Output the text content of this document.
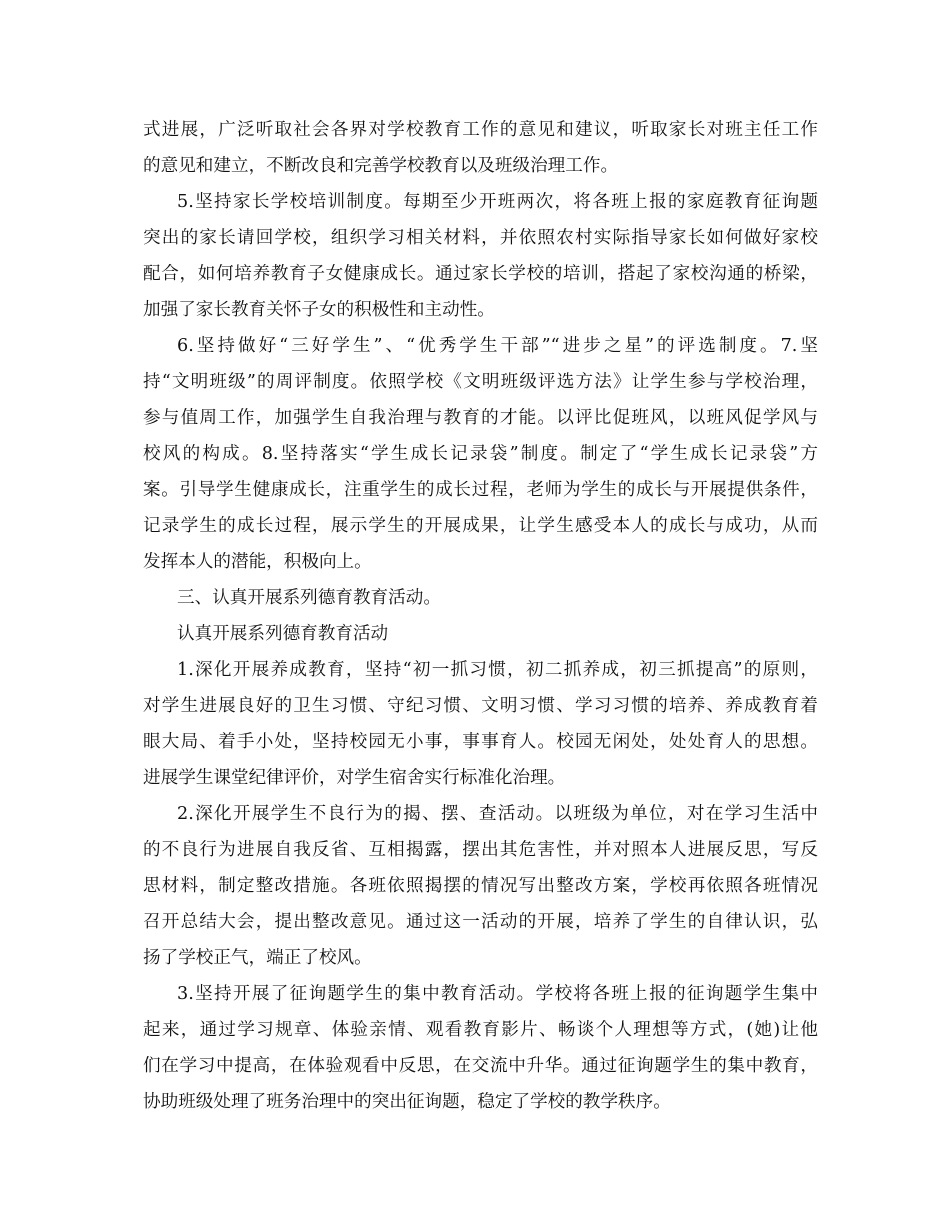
式进展，广泛听取社会各界对学校教育工作的意见和建议，听取家长对班主任工作
的意见和建立，不断改良和完善学校教育以及班级治理工作。
5.坚持家长学校培训制度。每期至少开班两次，将各班上报的家庭教育征询题
突出的家长请回学校，组织学习相关材料，并依照农村实际指导家长如何做好家校
配合，如何培养教育子女健康成长。通过家长学校的培训，搭起了家校沟通的桥梁，
加强了家长教育关怀子女的积极性和主动性。
6.坚持做好“三好学生”、“优秀学生干部”“进步之星”的评选制度。7.坚
持“文明班级”的周评制度。依照学校《文明班级评选方法》让学生参与学校治理，
参与值周工作，加强学生自我治理与教育的才能。以评比促班风，以班风促学风与
校风的构成。8.坚持落实“学生成长记录袋”制度。制定了“学生成长记录袋”方
案。引导学生健康成长，注重学生的成长过程，老师为学生的成长与开展提供条件，
记录学生的成长过程，展示学生的开展成果，让学生感受本人的成长与成功，从而
发挥本人的潜能，积极向上。
三、认真开展系列德育教育活动。
认真开展系列德育教育活动
1.深化开展养成教育，坚持“初一抓习惯，初二抓养成，初三抓提高”的原则，
对学生进展良好的卫生习惯、守纪习惯、文明习惯、学习习惯的培养、养成教育着
眼大局、着手小处，坚持校园无小事，事事育人。校园无闲处，处处育人的思想。
进展学生课堂纪律评价，对学生宿舍实行标准化治理。
2.深化开展学生不良行为的揭、摆、查活动。以班级为单位，对在学习生活中
的不良行为进展自我反省、互相揭露，摆出其危害性，并对照本人进展反思，写反
思材料，制定整改措施。各班依照揭摆的情况写出整改方案，学校再依照各班情况
召开总结大会，提出整改意见。通过这一活动的开展，培养了学生的自律认识，弘
扬了学校正气，端正了校风。
3.坚持开展了征询题学生的集中教育活动。学校将各班上报的征询题学生集中
起来，通过学习规章、体验亲情、观看教育影片、畅谈个人理想等方式，(她)让他
们在学习中提高，在体验观看中反思，在交流中升华。通过征询题学生的集中教育，
协助班级处理了班务治理中的突出征询题，稳定了学校的教学秩序。
